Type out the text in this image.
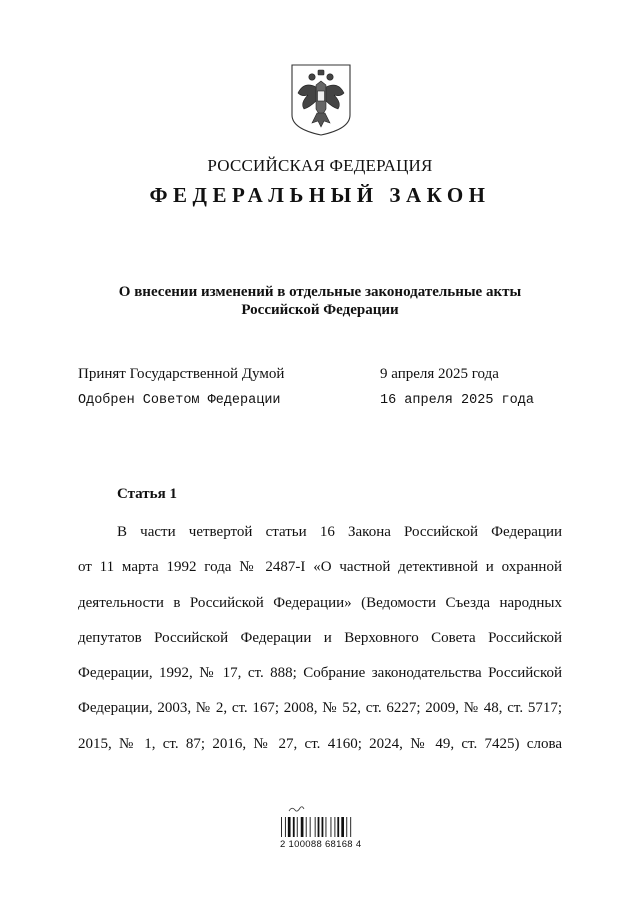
РОССИЙСКАЯ ФЕДЕРАЦИЯ
ФЕДЕРАЛЬНЫЙ ЗАКОН
О внесении изменений в отдельные законодательные акты
Российской Федерации
Принят Государственной Думой	9 апреля 2025 года
Одобрен Советом Федерации	16 апреля 2025 года
Статья 1
В части четвертой статьи 16 Закона Российской Федерации
от 11 марта 1992 года № 2487-I «О частной детективной и охранной
деятельности в Российской Федерации» (Ведомости Съезда народных
депутатов Российской Федерации и Верховного Совета Российской
Федерации, 1992, № 17, ст. 888; Собрание законодательства Российской
Федерации, 2003, № 2, ст. 167; 2008, № 52, ст. 6227; 2009, № 48, ст. 5717;
2015, № 1, ст. 87; 2016, № 27, ст. 4160; 2024, № 49, ст. 7425) слова
2 100088 68168 4
